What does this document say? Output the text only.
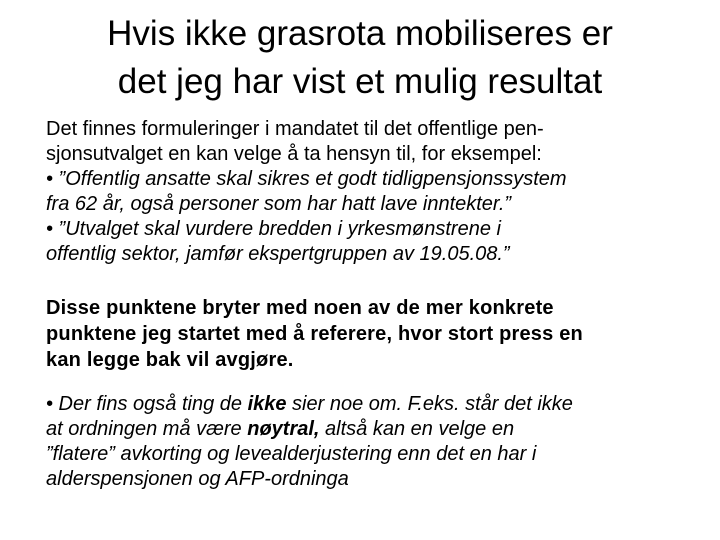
Hvis ikke grasrota mobiliseres er
det jeg har vist et mulig resultat
Det finnes formuleringer i mandatet til det offentlige pen-
sjonsutvalget en kan velge å ta hensyn til, for eksempel:
• ”Offentlig ansatte skal sikres et godt tidligpensjonssystem
fra 62 år, også personer som har hatt lave inntekter.”
• ”Utvalget skal vurdere bredden i yrkesmønstrene i
offentlig sektor, jamfør ekspertgruppen av 19.05.08.”
Disse punktene bryter med noen av de mer konkrete
punktene jeg startet med å referere, hvor stort press en
kan legge bak vil avgjøre.
• Der fins også ting de ikke sier noe om. F.eks. står det ikke
at ordningen må være nøytral, altså kan en velge en
”flatere” avkorting og levealderjustering enn det en har i
alderspensjonen og AFP-ordninga
